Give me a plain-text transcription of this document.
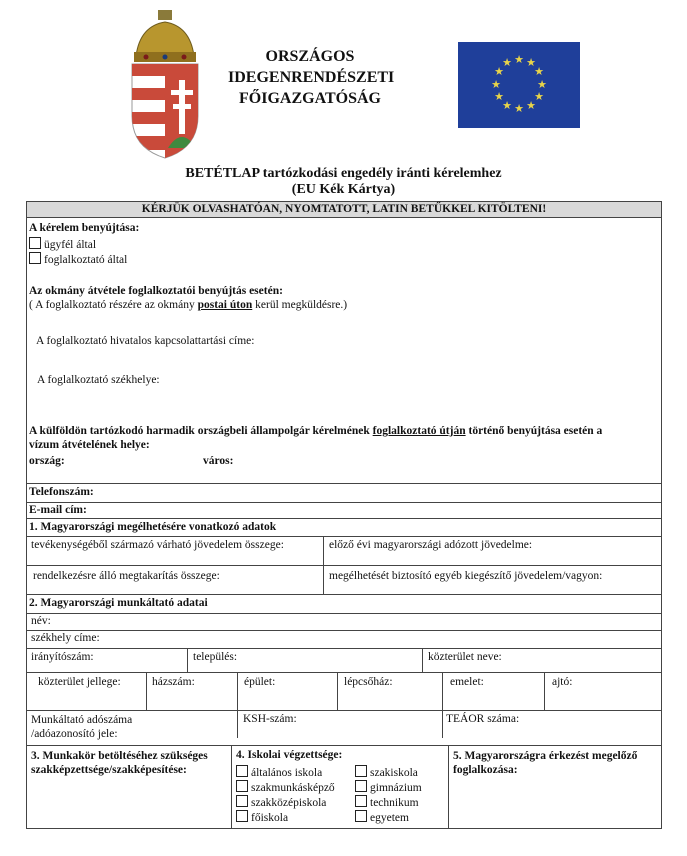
ORSZÁGOS
IDEGENRENDÉSZETI
FŐIGAZGATÓSÁG
★ ★
★
★
★
★
★
★
★
★
★
★
BETÉTLAP tartózkodási engedély iránti kérelemhez
(EU Kék Kártya)
KÉRJÜK OLVASHATÓAN, NYOMTATOTT, LATIN BETŰKKEL KITÖLTENI!
A kérelem benyújtása:
ügyfél által
foglalkoztató által
Az okmány átvétele foglalkoztatói benyújtás esetén:
( A foglalkoztató részére az okmány postai úton kerül megküldésre.)
A foglalkoztató hivatalos kapcsolattartási címe:
A foglalkoztató székhelye:
A külföldön tartózkodó harmadik országbeli állampolgár kérelmének foglalkoztató útján történő benyújtása esetén a
vízum átvételének helye:
ország:	város:
Telefonszám:
E-mail cím:
1. Magyarországi megélhetésére vonatkozó adatok
tevékenységéből származó várható jövedelem összege:	előző évi magyarországi adózott jövedelme:
rendelkezésre álló megtakarítás összege:	megélhetését biztosító egyéb kiegészítő jövedelem/vagyon:
2. Magyarországi munkáltató adatai
név:
székhely címe:
irányítószám:	település:	közterület neve:
közterület jellege:	házszám:	épület:	lépcsőház:	emelet:	ajtó:
Munkáltató adószáma
/adóazonosító jele:
KSH-szám:	TEÁOR száma:
3. Munkakör betöltéséhez szükséges
szakképzettsége/szakképesítése:
4. Iskolai végzettsége:
általános iskola
szakmunkásképző
szakközépiskola
főiskola
szakiskola
gimnázium
technikum
egyetem
5. Magyarországra érkezést megelőző
foglalkozása:
